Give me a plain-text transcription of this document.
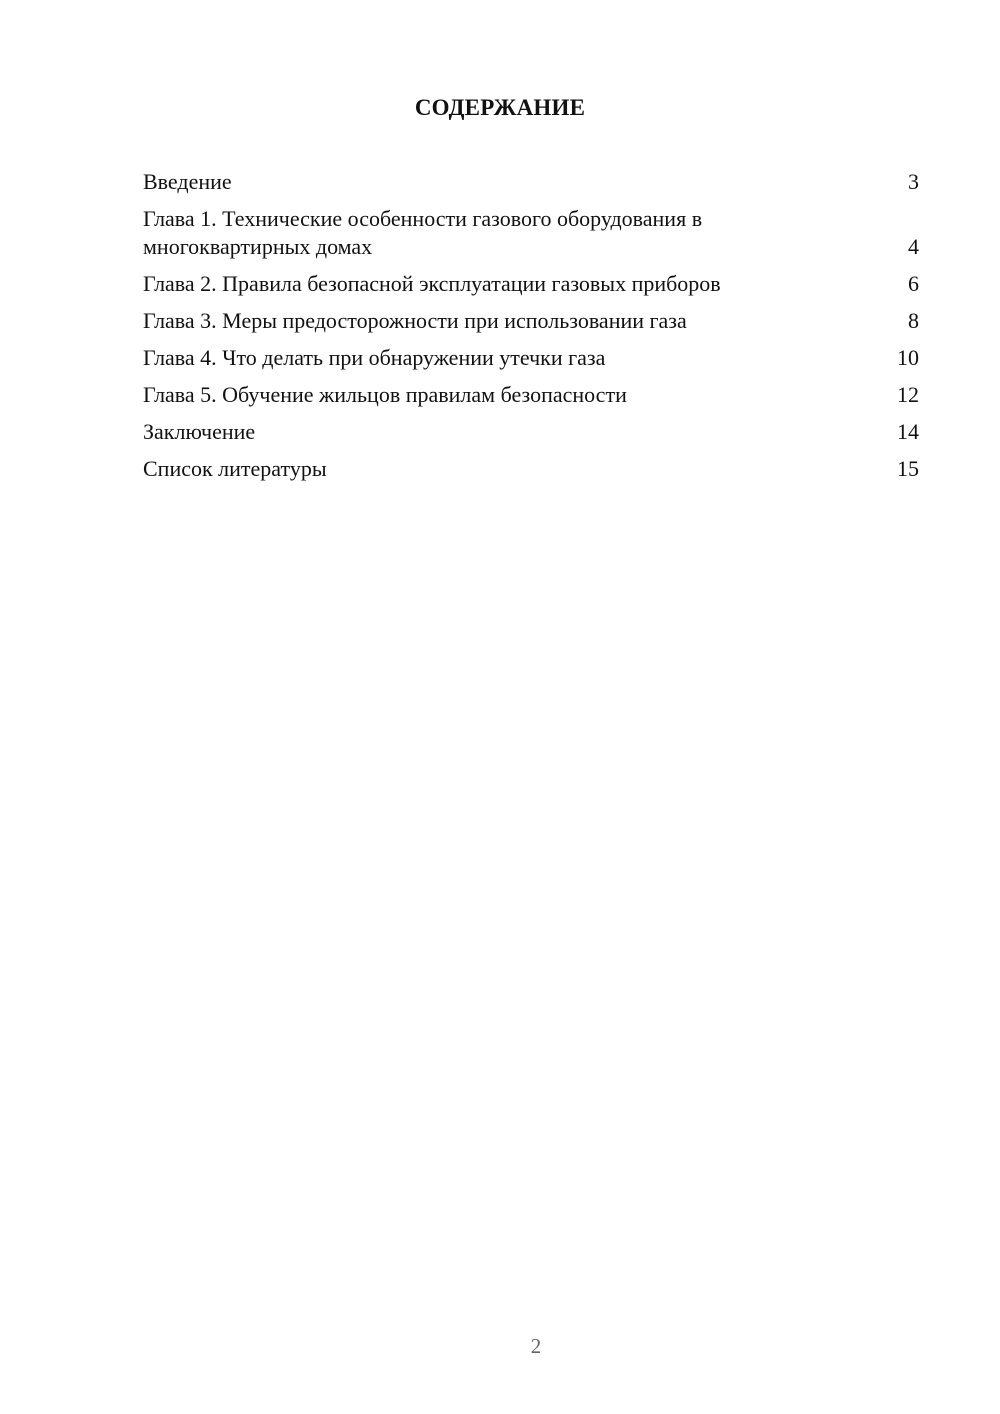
СОДЕРЖАНИЕ
Введение	3
Глава 1. Технические особенности газового оборудования в многоквартирных домах	4
Глава 2. Правила безопасной эксплуатации газовых приборов	6
Глава 3. Меры предосторожности при использовании газа	8
Глава 4. Что делать при обнаружении утечки газа	10
Глава 5. Обучение жильцов правилам безопасности	12
Заключение	14
Список литературы	15
2
